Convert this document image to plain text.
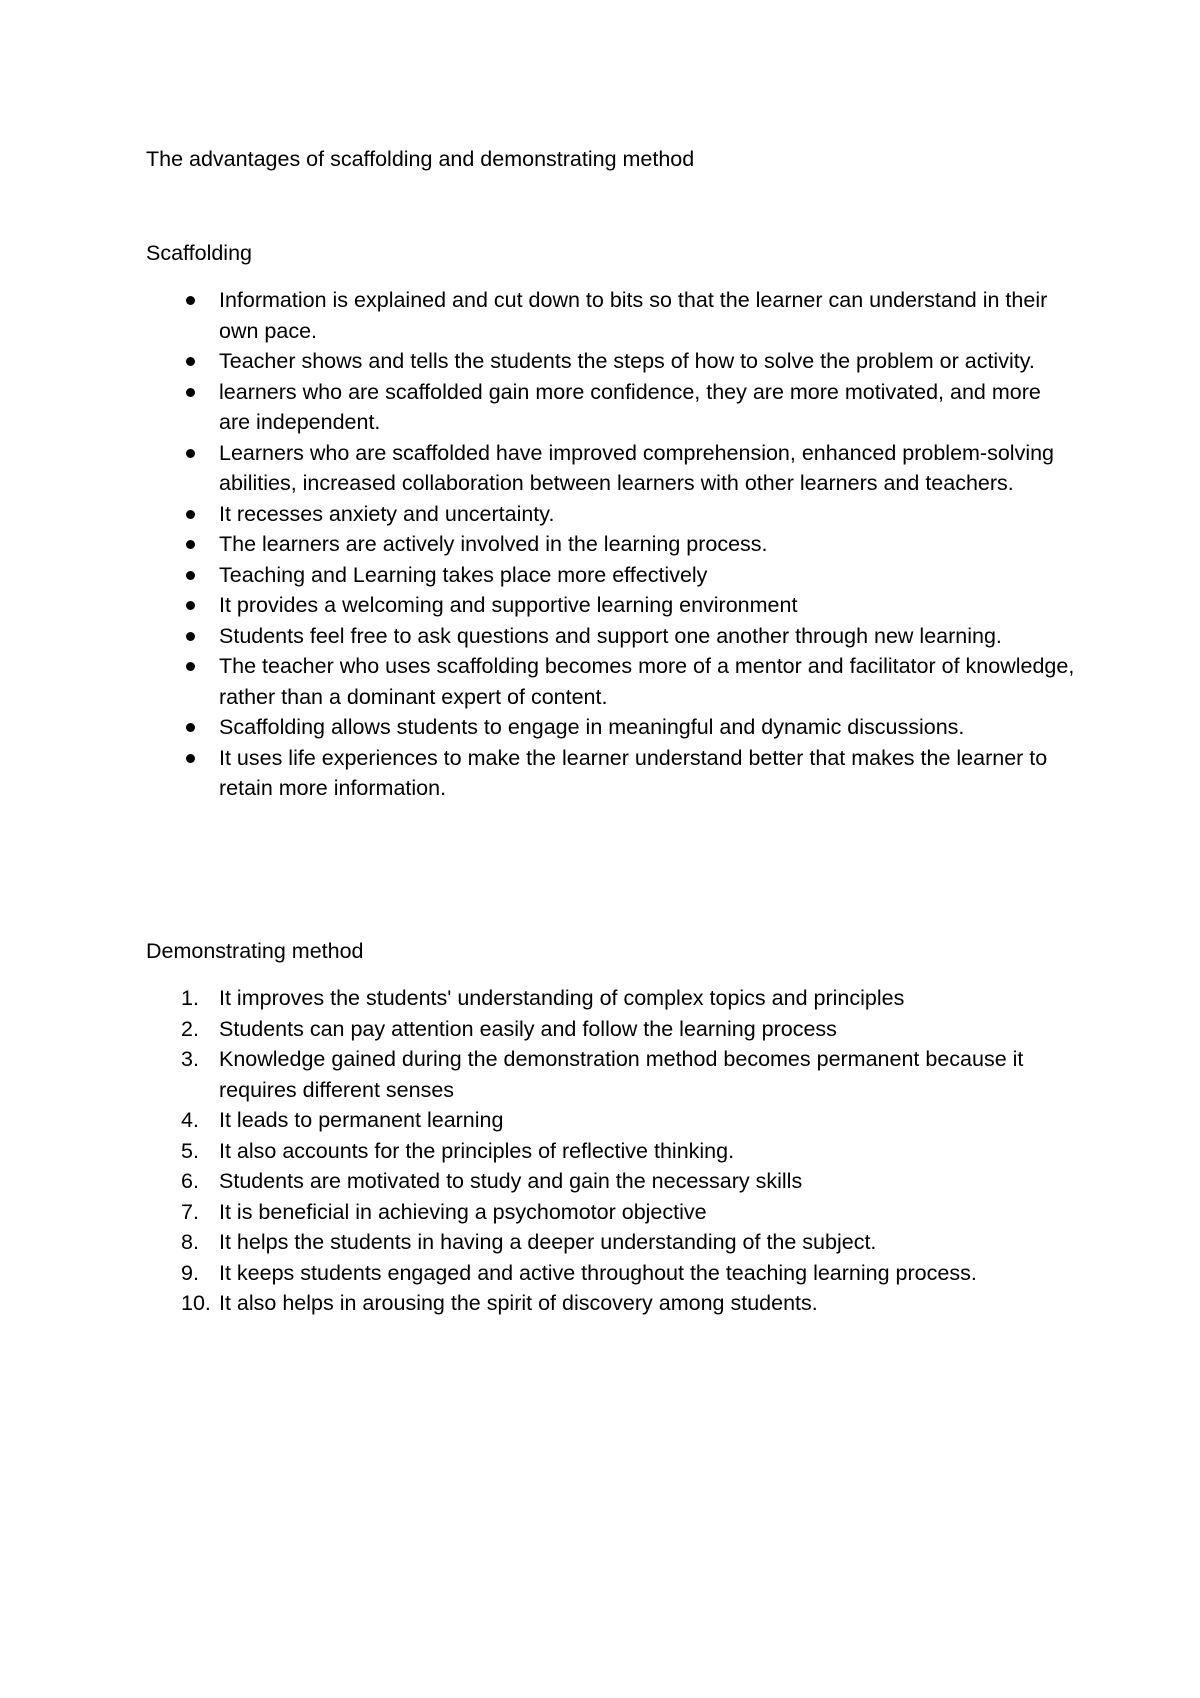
The advantages of scaffolding and demonstrating method
Scaffolding
Information is explained and cut down to bits so that the learner can understand in their own pace.
Teacher shows and tells the students the steps of how to solve the problem or activity.
learners who are scaffolded gain more confidence, they are more motivated, and more are independent.
Learners who are scaffolded have improved comprehension, enhanced problem-solving abilities, increased collaboration between learners with other learners and teachers.
It recesses anxiety and uncertainty.
The learners are actively involved in the learning process.
Teaching and Learning takes place more effectively
It provides a welcoming and supportive learning environment
Students feel free to ask questions and support one another through new learning.
The teacher who uses scaffolding becomes more of a mentor and facilitator of knowledge, rather than a dominant expert of content.
Scaffolding allows students to engage in meaningful and dynamic discussions.
It uses life experiences to make the learner understand better that makes the learner to retain more information.
Demonstrating method
1. It improves the students' understanding of complex topics and principles
2. Students can pay attention easily and follow the learning process
3. Knowledge gained during the demonstration method becomes permanent because it requires different senses
4. It leads to permanent learning
5. It also accounts for the principles of reflective thinking.
6. Students are motivated to study and gain the necessary skills
7. It is beneficial in achieving a psychomotor objective
8. It helps the students in having a deeper understanding of the subject.
9. It keeps students engaged and active throughout the teaching learning process.
10. It also helps in arousing the spirit of discovery among students.
